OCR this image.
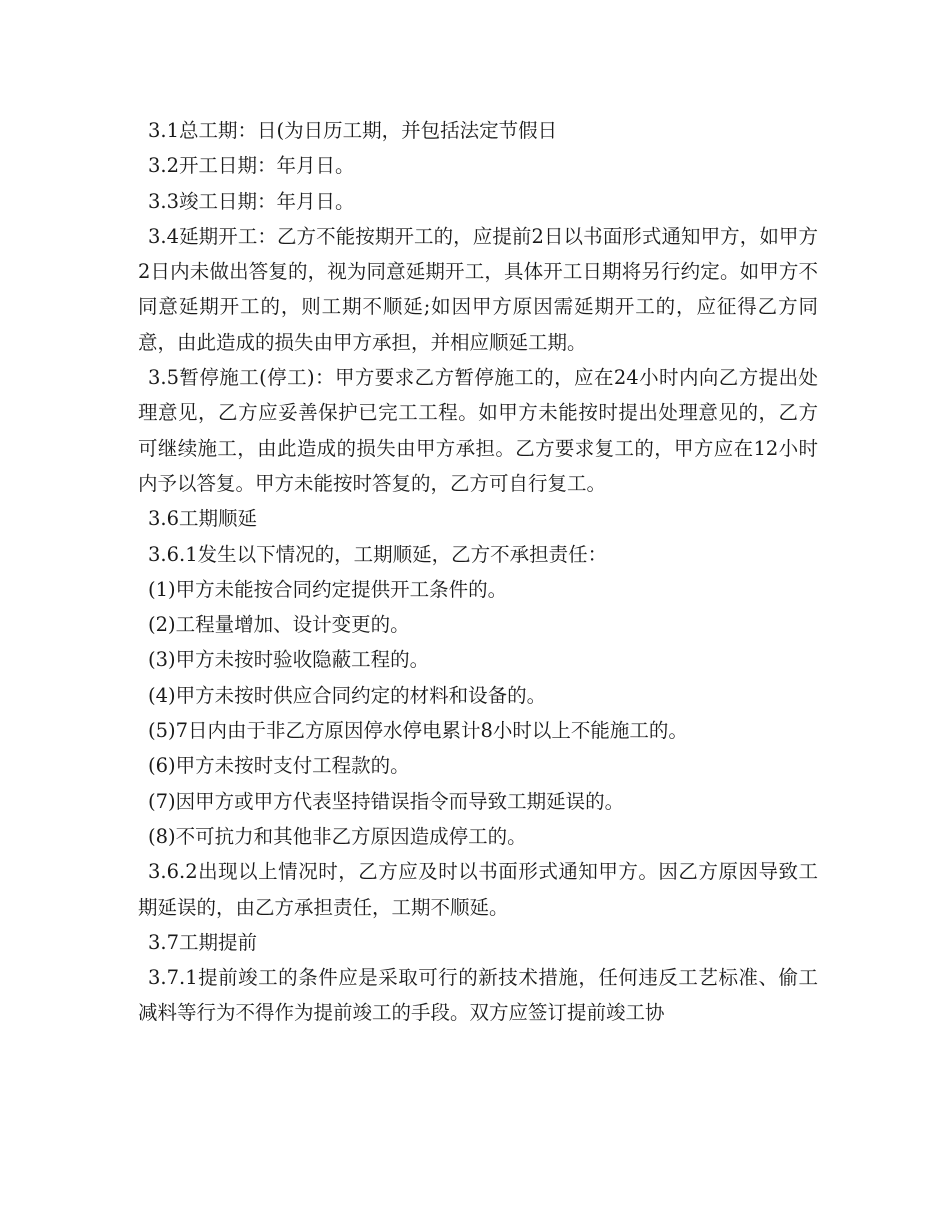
3.1总工期：日(为日历工期，并包括法定节假日

3.2开工日期：年月日。

3.3竣工日期：年月日。

3.4延期开工：乙方不能按期开工的，应提前2日以书面形式通知甲方，如甲方2日内未做出答复的，视为同意延期开工，具体开工日期将另行约定。如甲方不同意延期开工的，则工期不顺延;如因甲方原因需延期开工的，应征得乙方同意，由此造成的损失由甲方承担，并相应顺延工期。

3.5暂停施工(停工)：甲方要求乙方暂停施工的，应在24小时内向乙方提出处理意见，乙方应妥善保护已完工工程。如甲方未能按时提出处理意见的，乙方可继续施工，由此造成的损失由甲方承担。乙方要求复工的，甲方应在12小时内予以答复。甲方未能按时答复的，乙方可自行复工。

3.6工期顺延

3.6.1发生以下情况的，工期顺延，乙方不承担责任：

(1)甲方未能按合同约定提供开工条件的。

(2)工程量增加、设计变更的。

(3)甲方未按时验收隐蔽工程的。

(4)甲方未按时供应合同约定的材料和设备的。

(5)7日内由于非乙方原因停水停电累计8小时以上不能施工的。

(6)甲方未按时支付工程款的。

(7)因甲方或甲方代表坚持错误指令而导致工期延误的。

(8)不可抗力和其他非乙方原因造成停工的。

3.6.2出现以上情况时，乙方应及时以书面形式通知甲方。因乙方原因导致工期延误的，由乙方承担责任，工期不顺延。

3.7工期提前

3.7.1提前竣工的条件应是采取可行的新技术措施，任何违反工艺标准、偷工减料等行为不得作为提前竣工的手段。双方应签订提前竣工协
